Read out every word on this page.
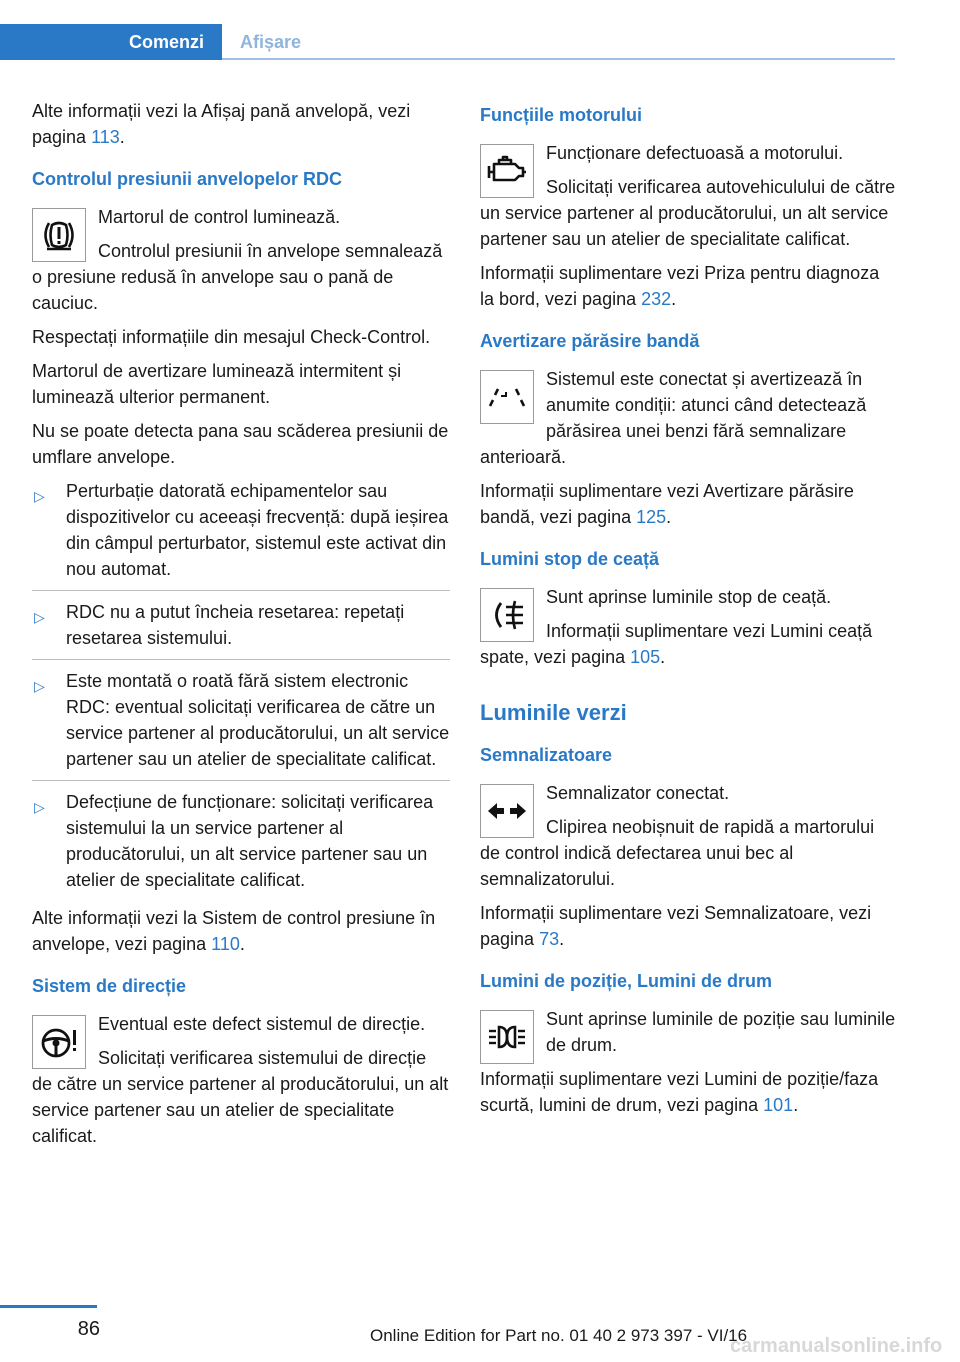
Comenzi	Afișare

Alte informații vezi la Afișaj pană anvelopă, vezi pagina 113.

Controlul presiunii anvelopelor RDC

Martorul de control luminează.

Controlul presiunii în anvelope semnalează o presiune redusă în anvelope sau o pană de cauciuc.

Respectați informațiile din mesajul Check-Control.

Martorul de avertizare luminează intermitent și luminează ulterior permanent.

Nu se poate detecta pana sau scăderea presiunii de umflare anvelope.

▷ Perturbație datorată echipamentelor sau dispozitivelor cu aceeași frecvență: după ieșirea din câmpul perturbator, sistemul este activat din nou automat.
▷ RDC nu a putut încheia resetarea: repetați resetarea sistemului.
▷ Este montată o roată fără sistem electronic RDC: eventual solicitați verificarea de către un service partener al producătorului, un alt service partener sau un atelier de specialitate calificat.
▷ Defecțiune de funcționare: solicitați verificarea sistemului la un service partener al producătorului, un alt service partener sau un atelier de specialitate calificat.

Alte informații vezi la Sistem de control presiune în anvelope, vezi pagina 110.

Sistem de direcție

Eventual este defect sistemul de direcție.

Solicitați verificarea sistemului de direcție de către un service partener al producătorului, un alt service partener sau un atelier de specialitate calificat.

Funcțiile motorului

Funcționare defectuoasă a motorului.

Solicitați verificarea autovehiculului de către un service partener al producătorului, un alt service partener sau un atelier de specialitate calificat.

Informații suplimentare vezi Priza pentru diagnoza la bord, vezi pagina 232.

Avertizare părăsire bandă

Sistemul este conectat și avertizează în anumite condiții: atunci când detectează părăsirea unei benzi fără semnalizare anterioară.

Informații suplimentare vezi Avertizare părăsire bandă, vezi pagina 125.

Lumini stop de ceață

Sunt aprinse luminile stop de ceață.

Informații suplimentare vezi Lumini ceață spate, vezi pagina 105.

Luminile verzi
Semnalizatoare

Semnalizator conectat.

Clipirea neobișnuit de rapidă a martorului de control indică defectarea unui bec al semnalizatorului.

Informații suplimentare vezi Semnalizatoare, vezi pagina 73.

Lumini de poziție, Lumini de drum

Sunt aprinse luminile de poziție sau luminile de drum.

Informații suplimentare vezi Lumini de poziție/faza scurtă, lumini de drum, vezi pagina 101.

86	Online Edition for Part no. 01 40 2 973 397 - VI/16
carmanualsonline.info
